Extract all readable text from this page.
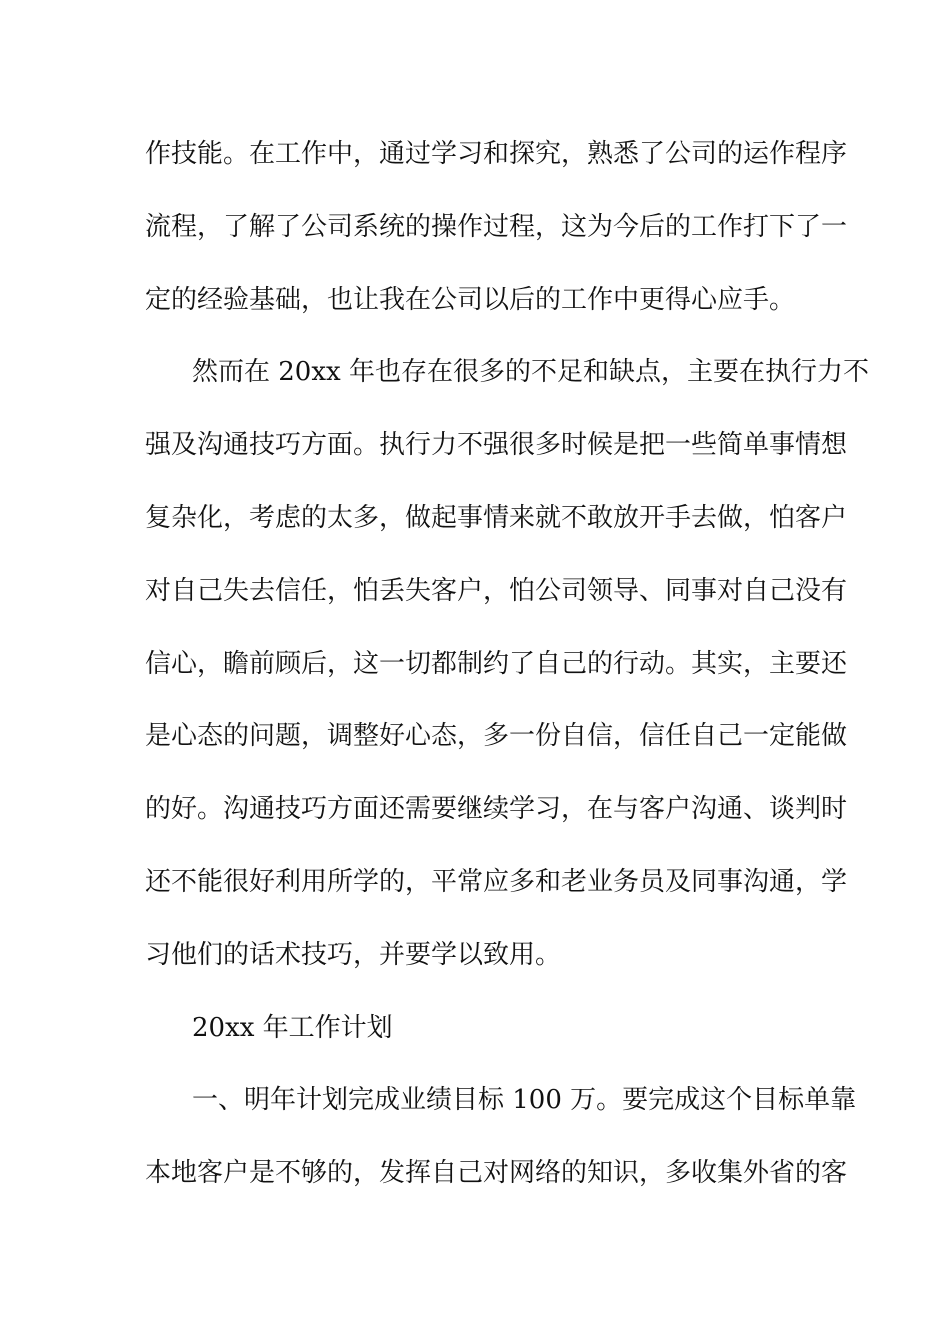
作技能。在工作中，通过学习和探究，熟悉了公司的运作程序
流程，了解了公司系统的操作过程，这为今后的工作打下了一
定的经验基础，也让我在公司以后的工作中更得心应手。
然而在 20xx 年也存在很多的不足和缺点，主要在执行力不
强及沟通技巧方面。执行力不强很多时候是把一些简单事情想
复杂化，考虑的太多，做起事情来就不敢放开手去做，怕客户
对自己失去信任，怕丢失客户，怕公司领导、同事对自己没有
信心，瞻前顾后，这一切都制约了自己的行动。其实，主要还
是心态的问题，调整好心态，多一份自信，信任自己一定能做
的好。沟通技巧方面还需要继续学习，在与客户沟通、谈判时
还不能很好利用所学的，平常应多和老业务员及同事沟通，学
习他们的话术技巧，并要学以致用。
20xx 年工作计划
一、明年计划完成业绩目标 100 万。要完成这个目标单靠
本地客户是不够的，发挥自己对网络的知识，多收集外省的客
